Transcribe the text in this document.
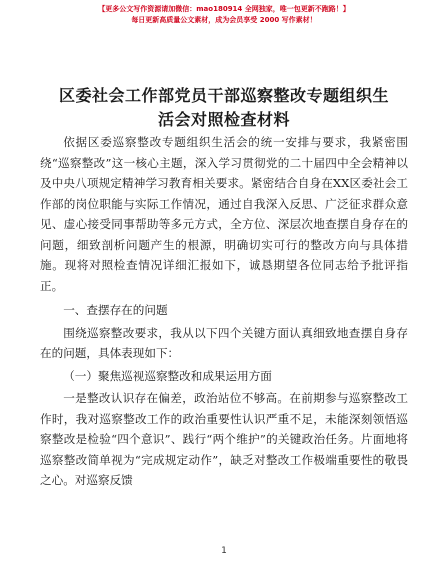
【更多公文写作资源请加微信：mao180914 全网独家，唯一包更新不跑路！】
每日更新高质量公文素材，成为会员享受 2000 写作素材！
区委社会工作部党员干部巡察整改专题组织生
活会对照检查材料

依据区委巡察整改专题组织生活会的统一安排与要求，我紧密围绕“巡察整改”这一核心主题，深入学习贯彻党的二十届四中全会精神以及中央八项规定精神学习教育相关要求。紧密结合自身在XX区委社会工作部的岗位职能与实际工作情况，通过自我深入反思、广泛征求群众意见、虚心接受同事帮助等多元方式，全方位、深层次地查摆自身存在的问题，细致剖析问题产生的根源，明确切实可行的整改方向与具体措施。现将对照检查情况详细汇报如下，诚恳期望各位同志给予批评指正。

一、查摆存在的问题

围绕巡察整改要求，我从以下四个关键方面认真细致地查摆自身存在的问题，具体表现如下：

（一）聚焦巡视巡察整改和成果运用方面

一是整改认识存在偏差，政治站位不够高。在前期参与巡察整改工作时，我对巡察整改工作的政治重要性认识严重不足，未能深刻领悟巡察整改是检验“四个意识”、践行“两个维护”的关键政治任务。片面地将巡察整改简单视为“完成规定动作”，缺乏对整改工作极端重要性的敬畏之心。对巡察反馈

1
